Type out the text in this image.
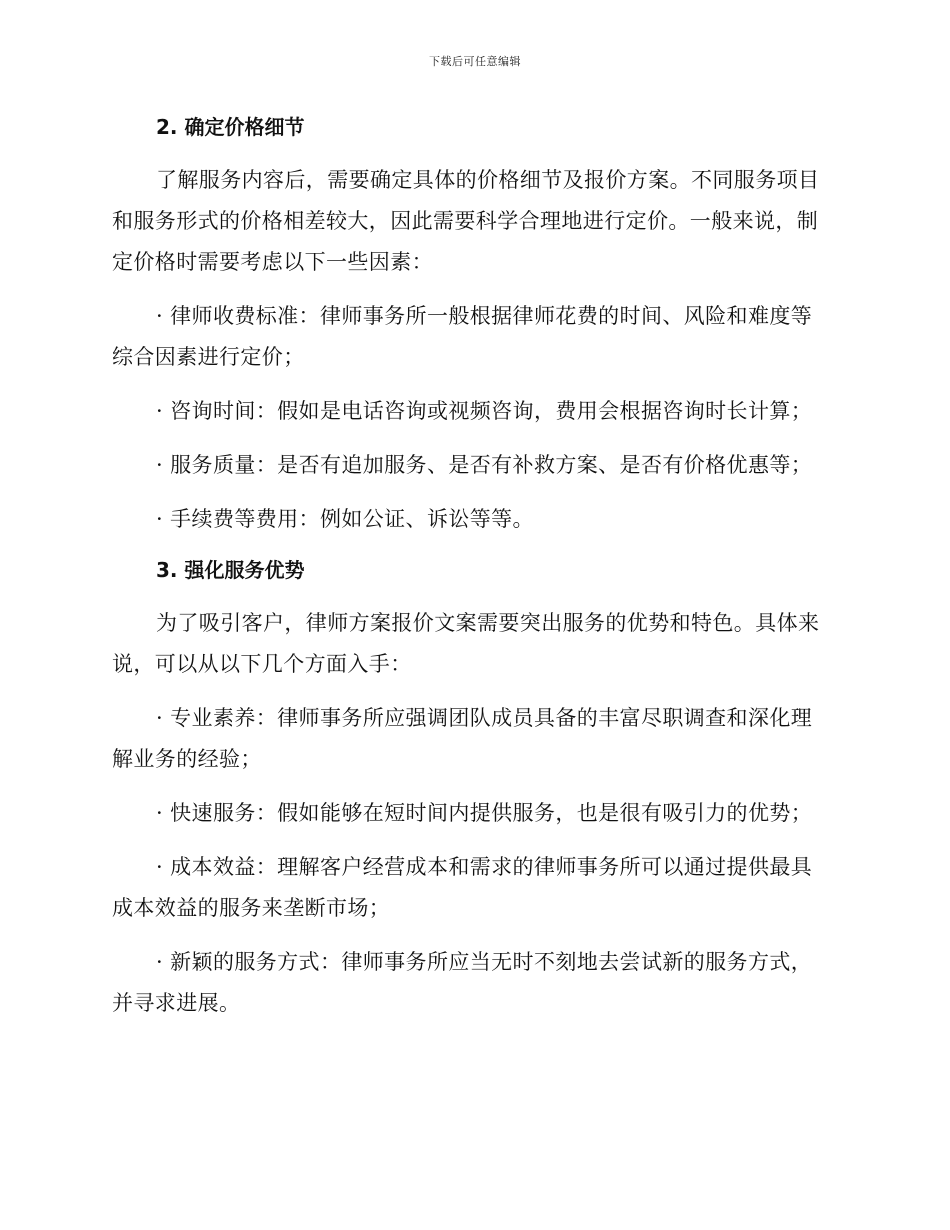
下载后可任意编辑
2. 确定价格细节

了解服务内容后，需要确定具体的价格细节及报价方案。不同服务项目和服务形式的价格相差较大，因此需要科学合理地进行定价。一般来说，制定价格时需要考虑以下一些因素：

· 律师收费标准：律师事务所一般根据律师花费的时间、风险和难度等综合因素进行定价；

· 咨询时间：假如是电话咨询或视频咨询，费用会根据咨询时长计算；

· 服务质量：是否有追加服务、是否有补救方案、是否有价格优惠等；

· 手续费等费用：例如公证、诉讼等等。

3. 强化服务优势

为了吸引客户，律师方案报价文案需要突出服务的优势和特色。具体来说，可以从以下几个方面入手：

· 专业素养：律师事务所应强调团队成员具备的丰富尽职调查和深化理解业务的经验；

· 快速服务：假如能够在短时间内提供服务，也是很有吸引力的优势；

· 成本效益：理解客户经营成本和需求的律师事务所可以通过提供最具成本效益的服务来垄断市场；

· 新颖的服务方式：律师事务所应当无时不刻地去尝试新的服务方式，并寻求进展。
